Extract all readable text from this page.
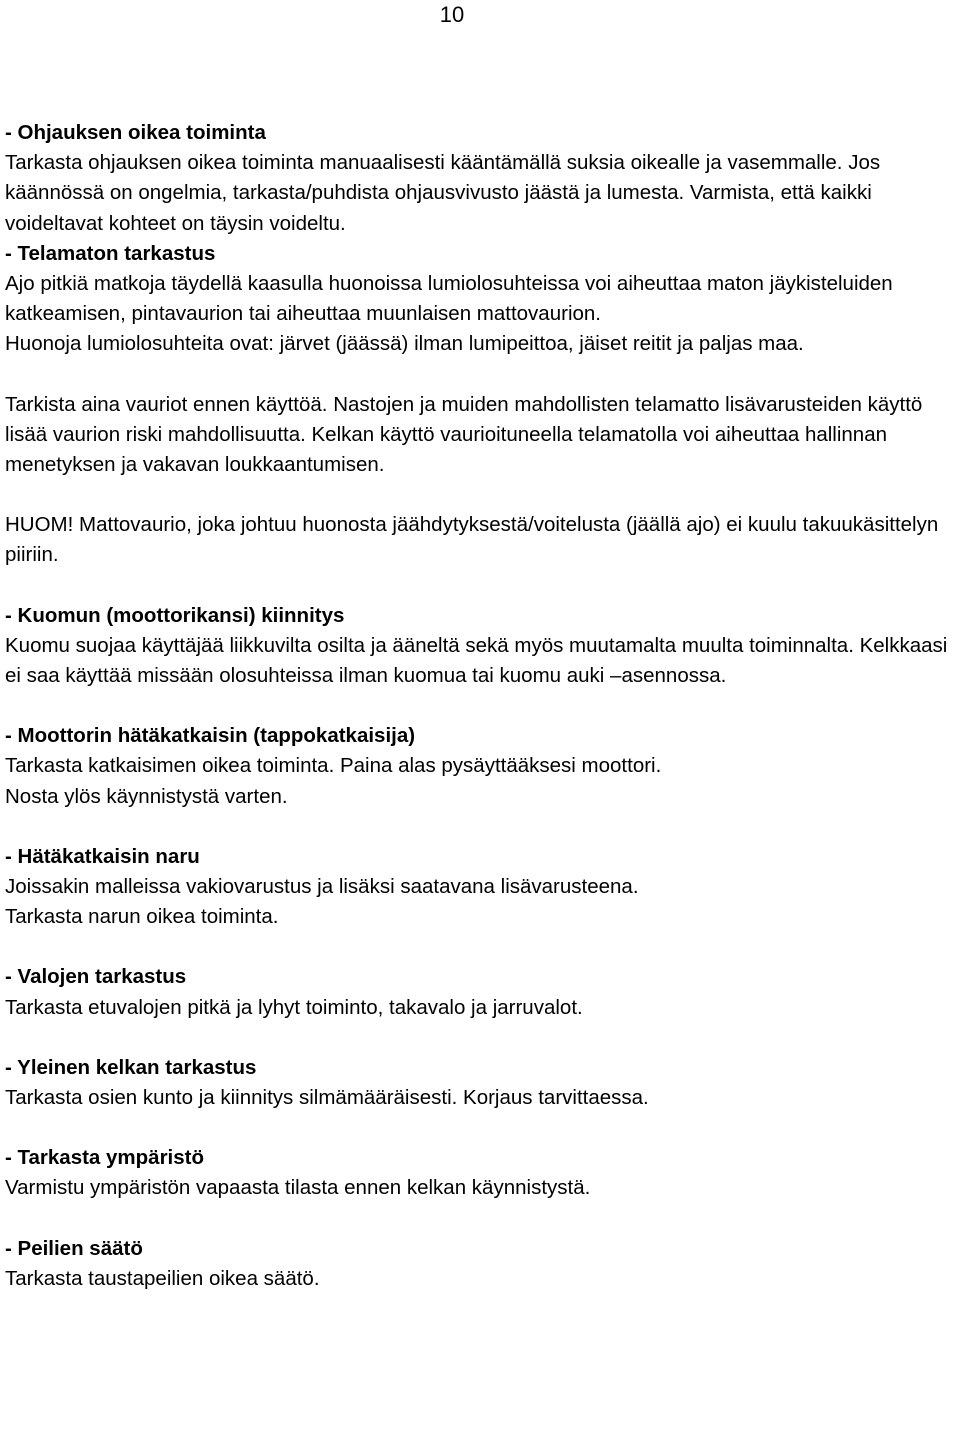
10
- Ohjauksen oikea toiminta
Tarkasta ohjauksen oikea toiminta manuaalisesti kääntämällä suksia oikealle ja vasemmalle. Jos käännössä on ongelmia, tarkasta/puhdista ohjausvivusto jäästä ja lumesta. Varmista, että kaikki voideltavat kohteet on täysin voideltu.
- Telamaton tarkastus
Ajo pitkiä matkoja täydellä kaasulla huonoissa lumiolosuhteissa voi aiheuttaa maton jäykisteluiden katkeamisen, pintavaurion tai aiheuttaa muunlaisen mattovaurion.
Huonoja lumiolosuhteita ovat: järvet (jäässä) ilman lumipeittoa, jäiset reitit ja paljas maa.
Tarkista aina vauriot ennen käyttöä. Nastojen ja muiden mahdollisten telamatto lisävarusteiden käyttö lisää vaurion riski mahdollisuutta. Kelkan käyttö vaurioituneella telamatolla voi aiheuttaa hallinnan menetyksen ja vakavan loukkaantumisen.
HUOM! Mattovaurio, joka johtuu huonosta jäähdytyksestä/voitelusta (jäällä ajo) ei kuulu takuukäsittelyn piiriin.
- Kuomun (moottorikansi) kiinnitys
Kuomu suojaa käyttäjää liikkuvilta osilta ja ääneltä sekä myös muutamalta muulta toiminnalta. Kelkkaasi ei saa käyttää missään olosuhteissa ilman kuomua tai kuomu auki –asennossa.
- Moottorin hätäkatkaisin (tappokatkaisija)
Tarkasta katkaisimen oikea toiminta. Paina alas pysäyttääksesi moottori.
Nosta ylös käynnistystä varten.
- Hätäkatkaisin naru
Joissakin malleissa vakiovarustus ja lisäksi saatavana lisävarusteena.
Tarkasta narun oikea toiminta.
- Valojen tarkastus
Tarkasta etuvalojen pitkä ja lyhyt toiminto, takavalo ja jarruvalot.
- Yleinen kelkan tarkastus
Tarkasta osien kunto ja kiinnitys silmämääräisesti. Korjaus tarvittaessa.
- Tarkasta ympäristö
Varmistu ympäristön vapaasta tilasta ennen kelkan käynnistystä.
- Peilien säätö
Tarkasta taustapeilien oikea säätö.
